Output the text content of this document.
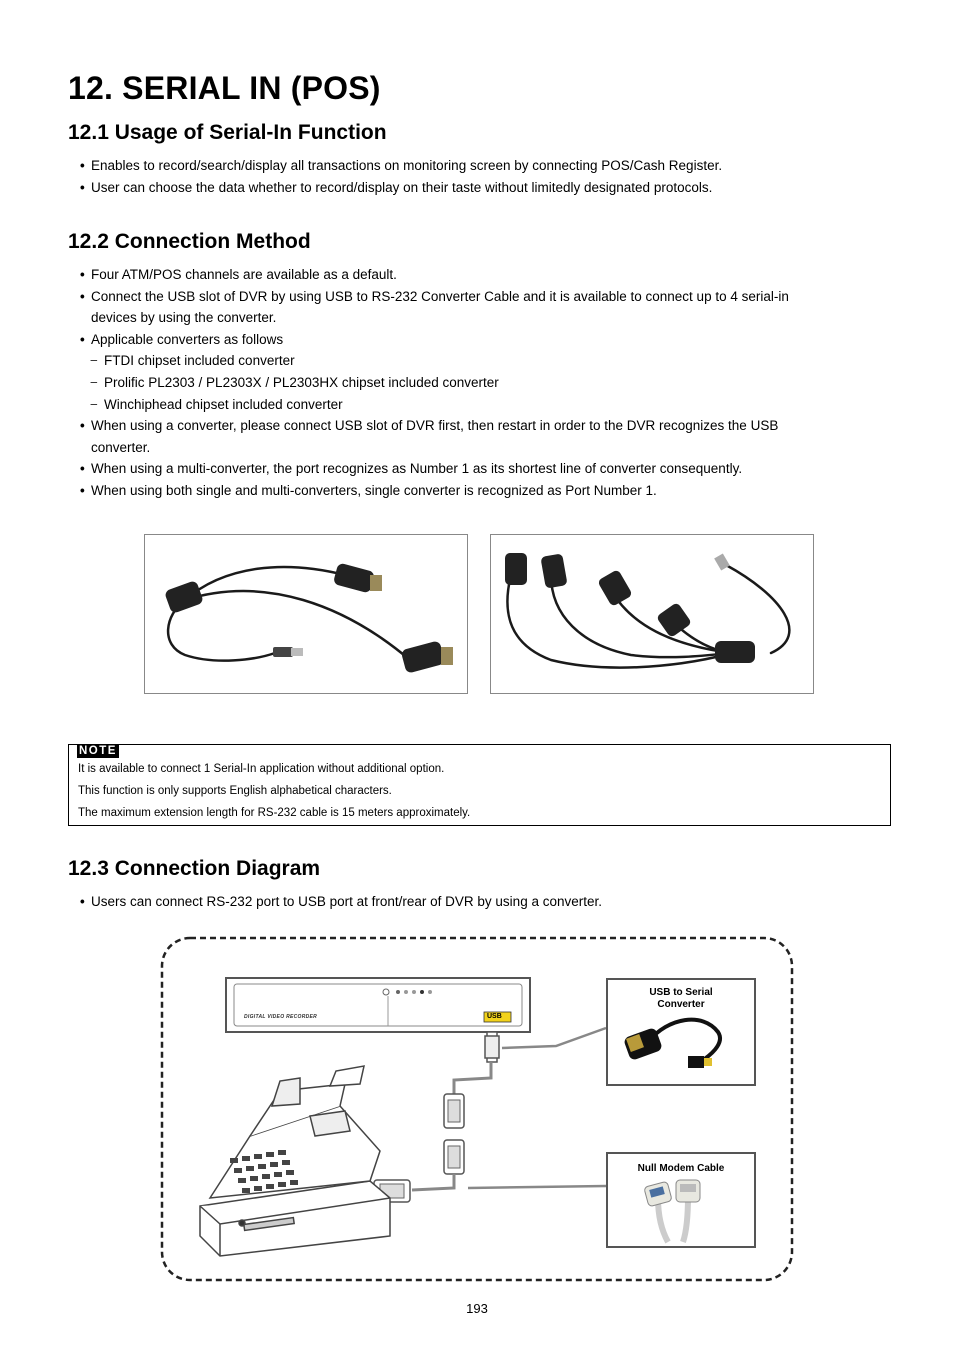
12. SERIAL IN (POS)
12.1 Usage of Serial-In Function
• Enables to record/search/display all transactions on monitoring screen by connecting POS/Cash Register.
• User can choose the data whether to record/display on their taste without limitedly designated protocols.
12.2 Connection Method
• Four ATM/POS channels are available as a default.
• Connect the USB slot of DVR by using USB to RS-232 Converter Cable and it is available to connect up to 4 serial-in
devices by using the converter.
• Applicable converters as follows
− FTDI chipset included converter
− Prolific PL2303 / PL2303X / PL2303HX chipset included converter
− Winchiphead chipset included converter
• When using a converter, please connect USB slot of DVR first, then restart in order to the DVR recognizes the USB
converter.
• When using a multi-converter, the port recognizes as Number 1 as its shortest line of converter consequently.
• When using both single and multi-converters, single converter is recognized as Port Number 1.
NOTE
It is available to connect 1 Serial-In application without additional option.
This function is only supports English alphabetical characters.
The maximum extension length for RS-232 cable is 15 meters approximately.
12.3 Connection Diagram
• Users can connect RS-232 port to USB port at front/rear of DVR by using a converter.
DIGITAL VIDEO RECORDER	USB
USB to Serial
Converter
Null Modem Cable
193
